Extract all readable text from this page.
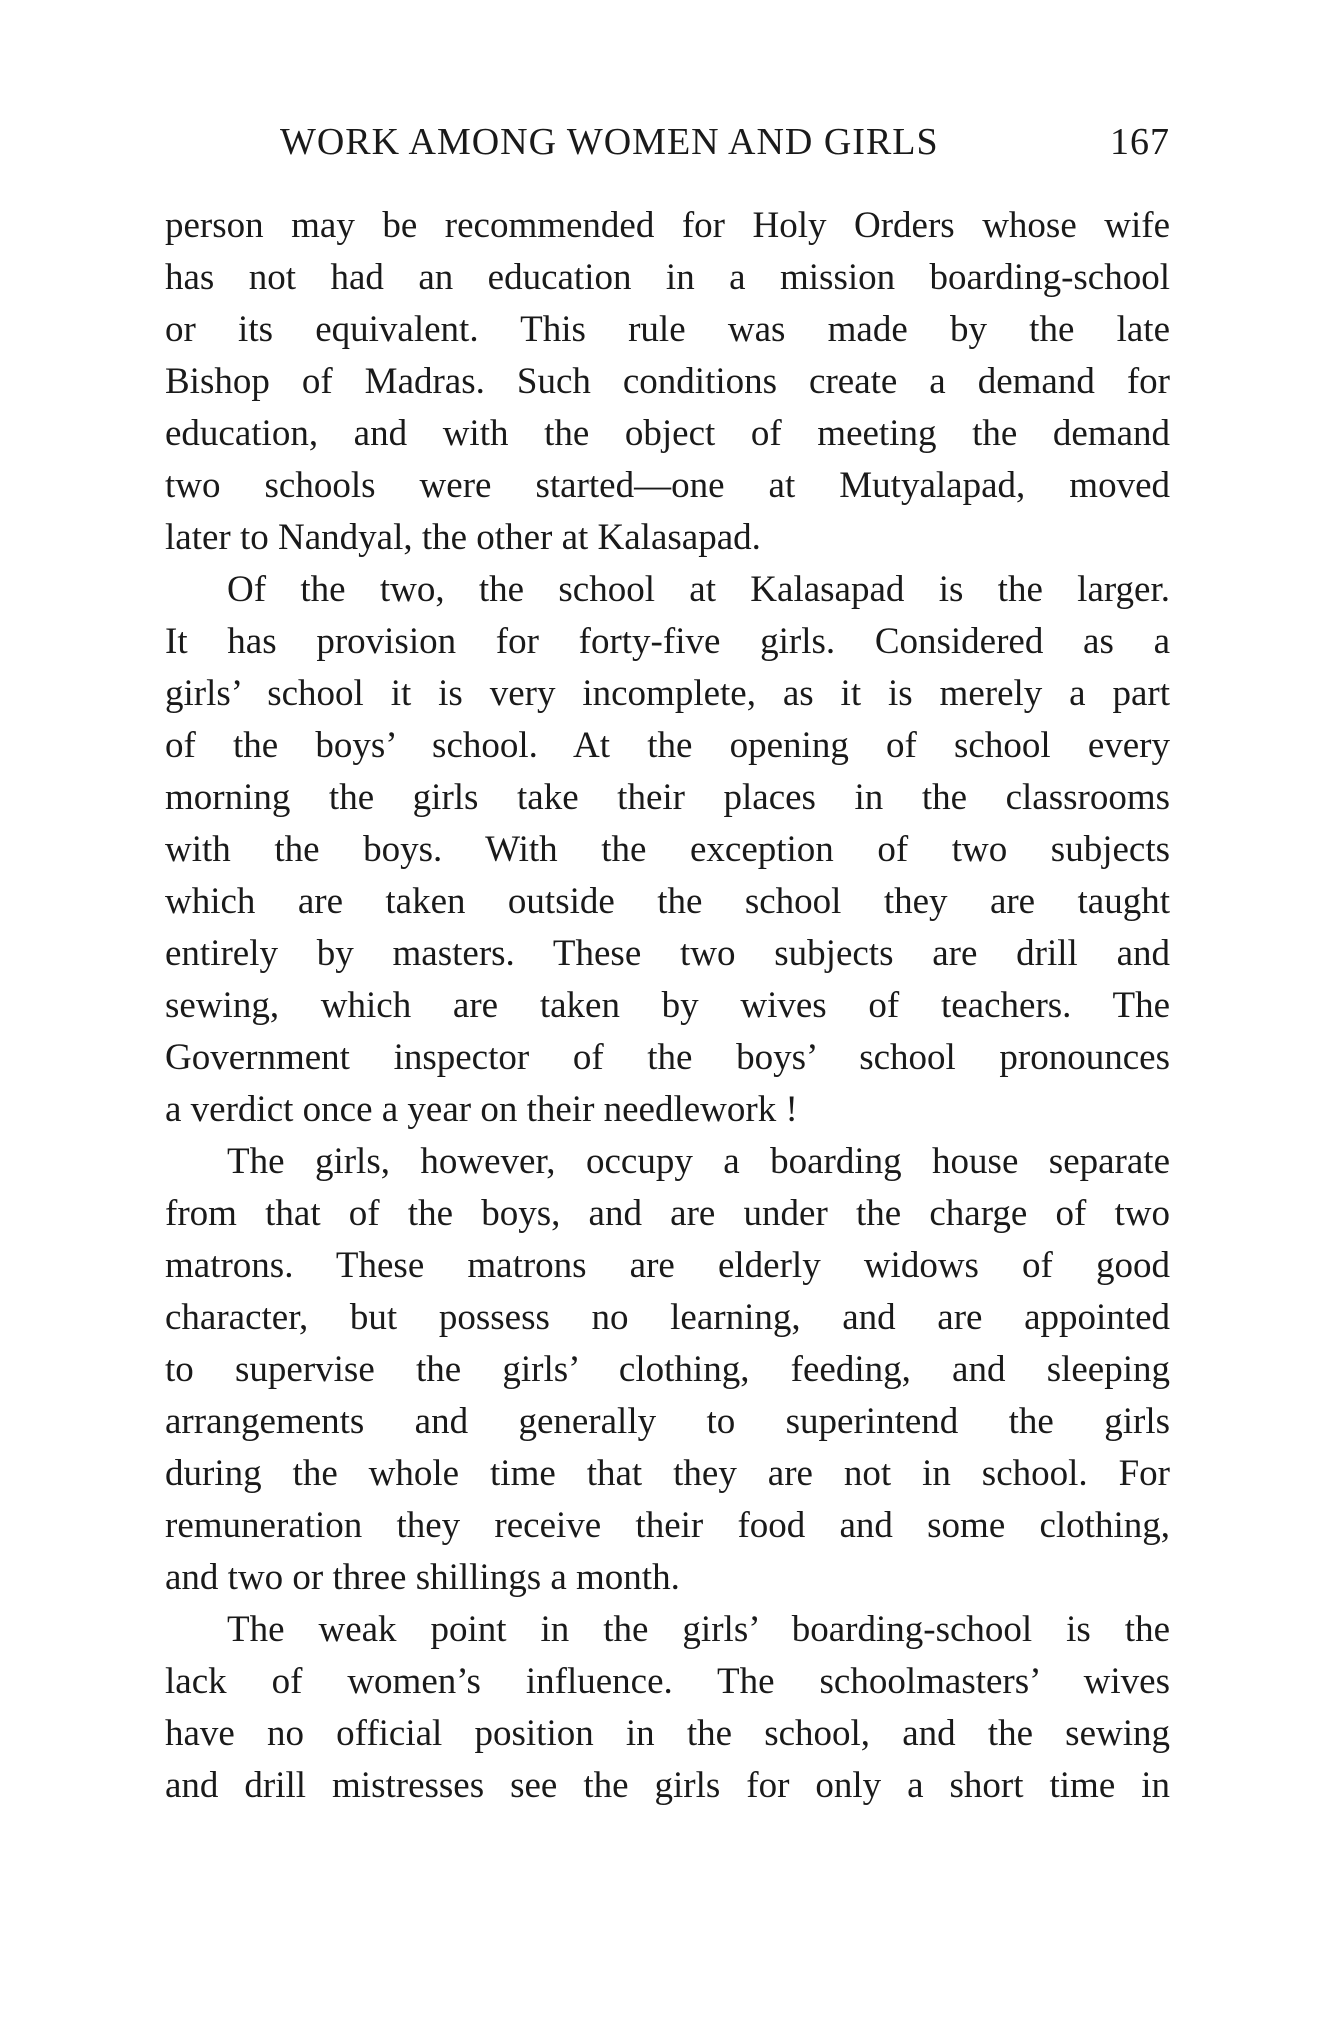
WORK AMONG WOMEN AND GIRLS	167
person may be recommended for Holy Orders whose wife
has not had an education in a mission boarding-school
or its equivalent. This rule was made by the late
Bishop of Madras. Such conditions create a demand for
education, and with the object of meeting the demand
two schools were started—one at Mutyalapad, moved
later to Nandyal, the other at Kalasapad.
Of the two, the school at Kalasapad is the larger.
It has provision for forty-five girls. Considered as a
girls’ school it is very incomplete, as it is merely a part
of the boys’ school. At the opening of school every
morning the girls take their places in the classrooms
with the boys. With the exception of two subjects
which are taken outside the school they are taught
entirely by masters. These two subjects are drill and
sewing, which are taken by wives of teachers. The
Government inspector of the boys’ school pronounces
a verdict once a year on their needlework !
The girls, however, occupy a boarding house separate
from that of the boys, and are under the charge of two
matrons. These matrons are elderly widows of good
character, but possess no learning, and are appointed
to supervise the girls’ clothing, feeding, and sleeping
arrangements and generally to superintend the girls
during the whole time that they are not in school. For
remuneration they receive their food and some clothing,
and two or three shillings a month.
The weak point in the girls’ boarding-school is the
lack of women’s influence. The schoolmasters’ wives
have no official position in the school, and the sewing
and drill mistresses see the girls for only a short time in
